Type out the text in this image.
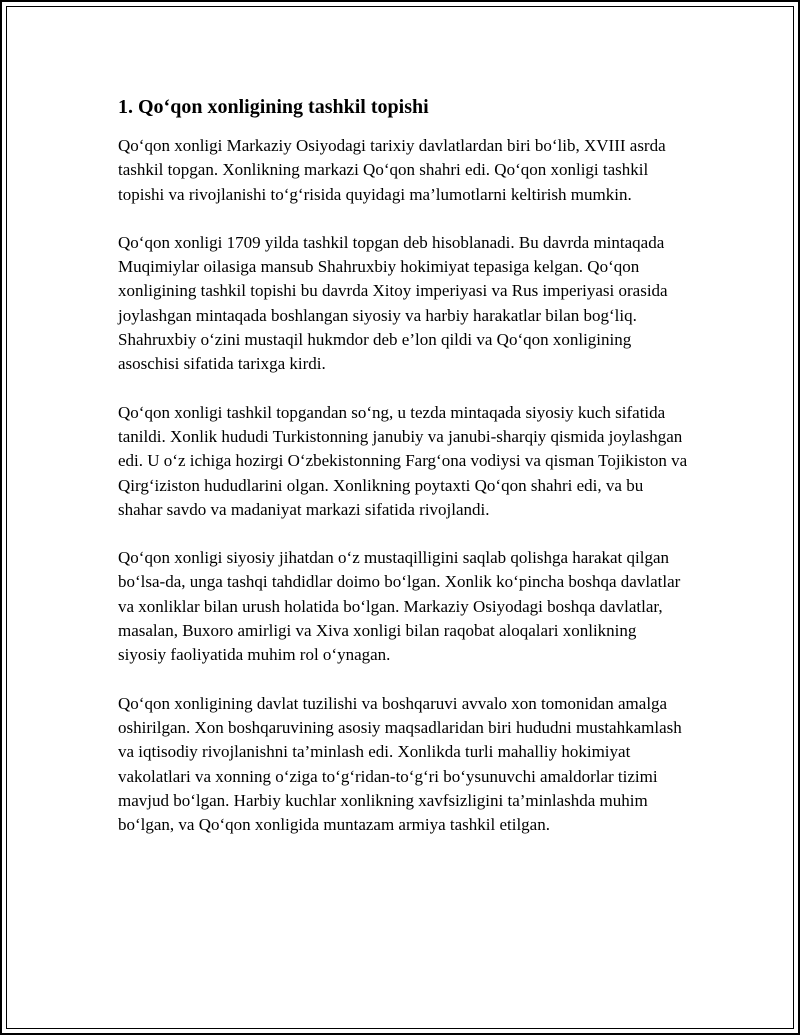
1. Qo‘qon xonligining tashkil topishi

Qo‘qon xonligi Markaziy Osiyodagi tarixiy davlatlardan biri bo‘lib, XVIII asrda tashkil topgan. Xonlikning markazi Qo‘qon shahri edi. Qo‘qon xonligi tashkil topishi va rivojlanishi to‘g‘risida quyidagi ma’lumotlarni keltirish mumkin.

Qo‘qon xonligi 1709 yilda tashkil topgan deb hisoblanadi. Bu davrda mintaqada Muqimiylar oilasiga mansub Shahruxbiy hokimiyat tepasiga kelgan. Qo‘qon xonligining tashkil topishi bu davrda Xitoy imperiyasi va Rus imperiyasi orasida joylashgan mintaqada boshlangan siyosiy va harbiy harakatlar bilan bog‘liq. Shahruxbiy o‘zini mustaqil hukmdor deb e’lon qildi va Qo‘qon xonligining asoschisi sifatida tarixga kirdi.

Qo‘qon xonligi tashkil topgandan so‘ng, u tezda mintaqada siyosiy kuch sifatida tanildi. Xonlik hududi Turkistonning janubiy va janubi-sharqiy qismida joylashgan edi. U o‘z ichiga hozirgi O‘zbekistonning Farg‘ona vodiysi va qisman Tojikiston va Qirg‘iziston hududlarini olgan. Xonlikning poytaxti Qo‘qon shahri edi, va bu shahar savdo va madaniyat markazi sifatida rivojlandi.

Qo‘qon xonligi siyosiy jihatdan o‘z mustaqilligini saqlab qolishga harakat qilgan bo‘lsa-da, unga tashqi tahdidlar doimo bo‘lgan. Xonlik ko‘pincha boshqa davlatlar va xonliklar bilan urush holatida bo‘lgan. Markaziy Osiyodagi boshqa davlatlar, masalan, Buxoro amirligi va Xiva xonligi bilan raqobat aloqalari xonlikning siyosiy faoliyatida muhim rol o‘ynagan.

Qo‘qon xonligining davlat tuzilishi va boshqaruvi avvalo xon tomonidan amalga oshirilgan. Xon boshqaruvining asosiy maqsadlaridan biri hududni mustahkamlash va iqtisodiy rivojlanishni ta’minlash edi. Xonlikda turli mahalliy hokimiyat vakolatlari va xonning o‘ziga to‘g‘ridan-to‘g‘ri bo‘ysunuvchi amaldorlar tizimi mavjud bo‘lgan. Harbiy kuchlar xonlikning xavfsizligini ta’minlashda muhim bo‘lgan, va Qo‘qon xonligida muntazam armiya tashkil etilgan.
